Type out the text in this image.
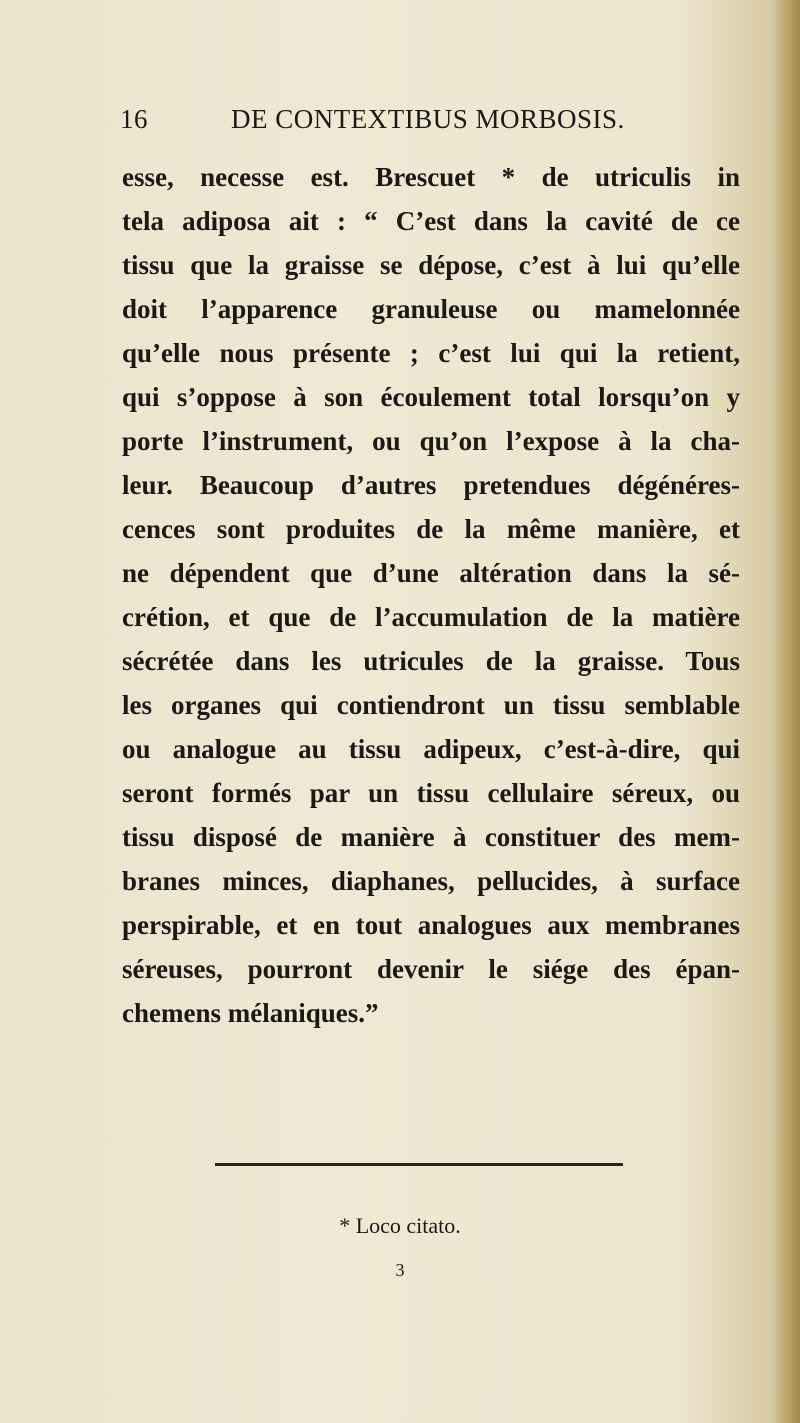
16	DE CONTEXTIBUS MORBOSIS.
esse, necesse est. Brescuet * de utriculis in
tela adiposa ait : “ C’est dans la cavité de ce
tissu que la graisse se dépose, c’est à lui qu’elle
doit l’apparence granuleuse ou mamelonnée
qu’elle nous présente ; c’est lui qui la retient,
qui s’oppose à son écoulement total lorsqu’on y
porte l’instrument, ou qu’on l’expose à la cha-
leur. Beaucoup d’autres pretendues dégénéres-
cences sont produites de la même manière, et
ne dépendent que d’une altération dans la sé-
crétion, et que de l’accumulation de la matière
sécrétée dans les utricules de la graisse. Tous
les organes qui contiendront un tissu semblable
ou analogue au tissu adipeux, c’est-à-dire, qui
seront formés par un tissu cellulaire séreux, ou
tissu disposé de manière à constituer des mem-
branes minces, diaphanes, pellucides, à surface
perspirable, et en tout analogues aux membranes
séreuses, pourront devenir le siége des épan-
chemens mélaniques.”
* Loco citato.
3
